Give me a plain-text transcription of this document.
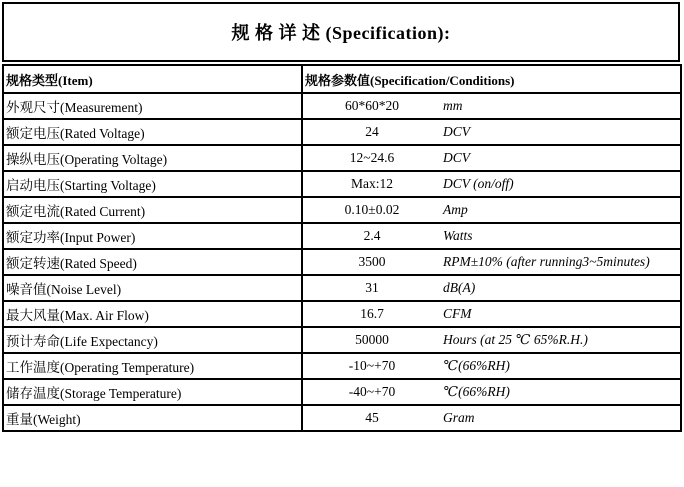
规 格 详 述 (Specification):
规格类型(Item)	规格参数值(Specification/Conditions)	
外观尺寸(Measurement)	60*60*20	mm
额定电压(Rated Voltage)	24	DCV
操纵电压(Operating Voltage)	12~24.6	DCV
启动电压(Starting Voltage)	Max:12	DCV (on/off)
额定电流(Rated Current)	0.10±0.02	Amp
额定功率(Input Power)	2.4	Watts
额定转速(Rated Speed)	3500	RPM±10% (after running3~5minutes)
噪音值(Noise Level)	31	dB(A)
最大风量(Max. Air Flow)	16.7	CFM
预计寿命(Life Expectancy)	50000	Hours (at 25 ℃ 65%R.H.)
工作温度(Operating Temperature)	-10~+70	℃(66%RH)
储存温度(Storage Temperature)	-40~+70	℃(66%RH)
重量(Weight)	45	Gram
